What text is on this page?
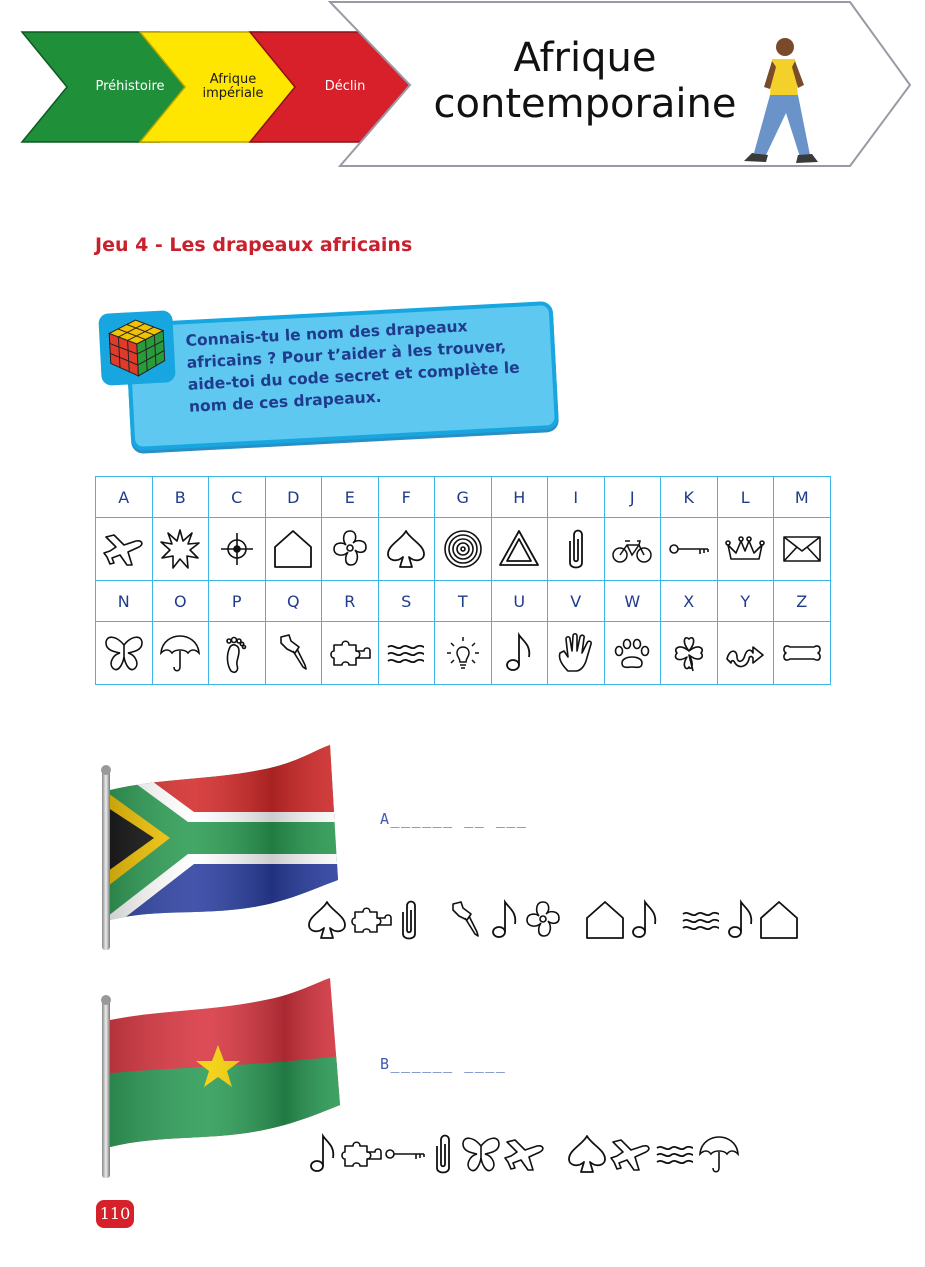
Préhistoire	Afrique impériale	Déclin
Afrique
contemporaine
Jeu 4 - Les drapeaux africains
Connais-tu le nom des drapeaux africains ? Pour t’aider à les trouver, aide-toi du code secret et complète le nom de ces drapeaux.
A	B	C	D	E	F	G	H	I	J	K	L	M

N	O	P	Q	R	S	T	U	V	W	X	Y	Z

A______ __ ___
B______ ____
110
